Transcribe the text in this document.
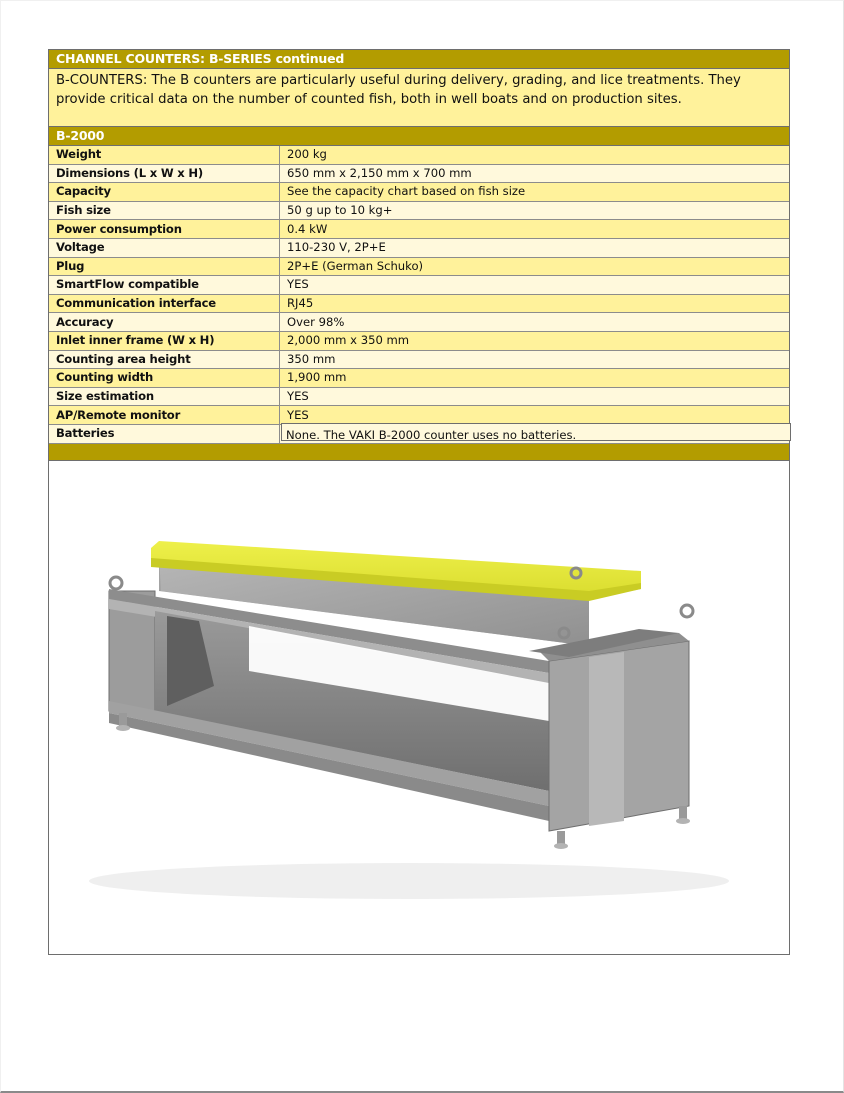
CHANNEL COUNTERS: B-SERIES continued
B-COUNTERS: The B counters are particularly useful during delivery, grading, and lice treatments. They provide critical data on the number of counted fish, both in well boats and on production sites.
B-2000
Weight	200 kg
Dimensions (L x W x H)	650 mm x 2,150 mm x 700 mm
Capacity	See the capacity chart based on fish size
Fish size	50 g up to 10 kg+
Power consumption	0.4 kW
Voltage	110-230 V, 2P+E
Plug	2P+E (German Schuko)
SmartFlow compatible	YES
Communication interface	RJ45
Accuracy	Over 98%
Inlet inner frame (W x H)	2,000 mm x 350 mm
Counting area height	350 mm
Counting width	1,900 mm
Size estimation	YES
AP/Remote monitor	YES
Batteries		None. The VAKI B-2000 counter uses no batteries.
